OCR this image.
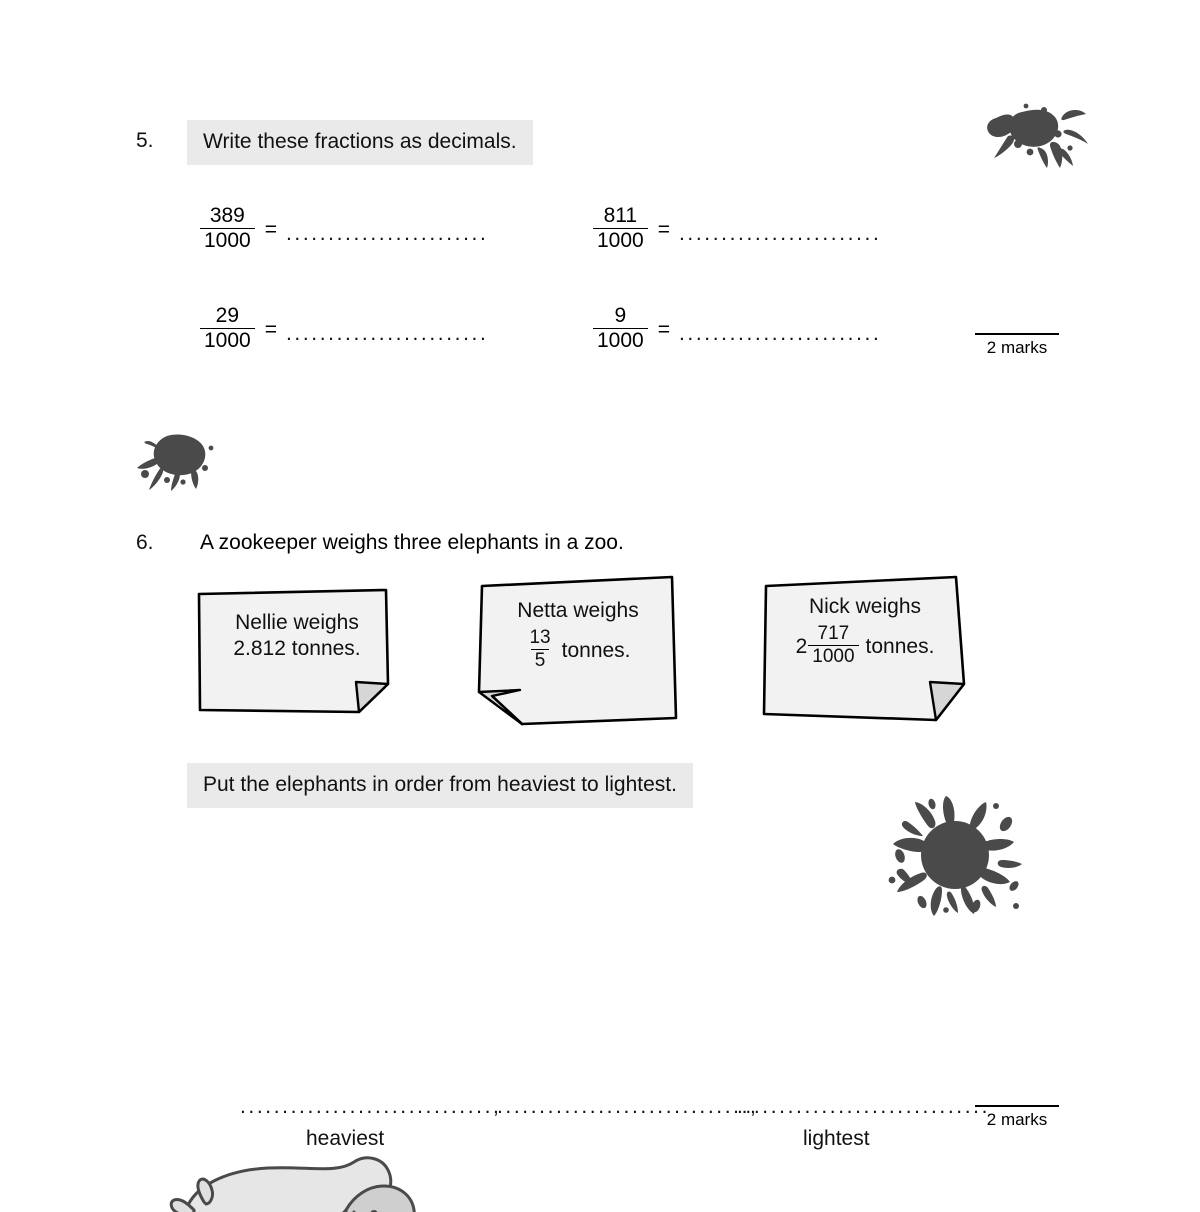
5.	Write these fractions as decimals.
$\frac{389}{1000}$ = ........................	$\frac{811}{1000}$ = ........................
$\frac{29}{1000}$ = ........................	$\frac{9}{1000}$ = ........................
2 marks
6. A zookeeper weighs three elephants in a zoo.
Nellie weighs
2.812 tonnes.
Netta weighs
$\frac{13}{5}$ tonnes.
Nick weighs
$2 \frac{717}{1000}$ tonnes.
Put the elephants in order from heaviest to lightest.
..............................,
..............................,
..............................
heaviest	lightest
2 marks
